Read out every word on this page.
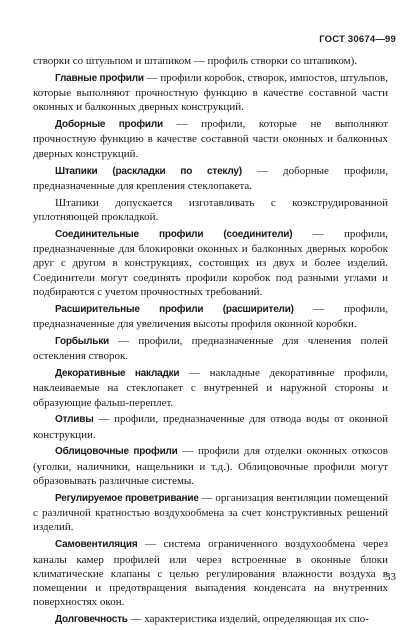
ГОСТ 30674—99

створки со штульпом и штапиком — профиль створки со штапиком).

Главные профили — профили коробок, створок, импостов, штульпов, которые выполняют прочностную функцию в качестве составной части оконных и балконных дверных конструкций.

Доборные профили — профили, которые не выполняют прочностную функцию в качестве составной части оконных и балконных дверных конструкций.

Штапики (раскладки по стеклу) — доборные профили, предназначенные для крепления стеклопакета.

Штапики допускается изготавливать с коэкструдированной уплотняющей прокладкой.

Соединительные профили (соединители) — профили, предназначенные для блокировки оконных и балконных дверных коробок друг с другом в конструкциях, состоящих из двух и более изделий. Соединители могут соединять профили коробок под разными углами и подбираются с учетом прочностных требований.

Расширительные профили (расширители) — профили, предназначенные для увеличения высоты профиля оконной коробки.

Горбыльки — профили, предназначенные для членения полей остекления створок.

Декоративные накладки — накладные декоративные профили, наклеиваемые на стеклопакет с внутренней и наружной стороны и образующие фальш-переплет.

Отливы — профили, предназначенные для отвода воды от оконной конструкции.

Облицовочные профили — профили для отделки оконных откосов (уголки, наличники, нащельники и т.д.). Облицовочные профили могут образовывать различные системы.

Регулируемое проветривание — организация вентиляции помещений с различной кратностью воздухообмена за счет конструктивных решений изделий.

Самовентиляция — система ограниченного воздухообмена через каналы камер профилей или через встроенные в оконные блоки климатические клапаны с целью регулирования влажности воздуха в помещении и предотвращения выпадения конденсата на внутренних поверхностях окон.

Долговечность — характеристика изделий, определяющая их спо-

33
